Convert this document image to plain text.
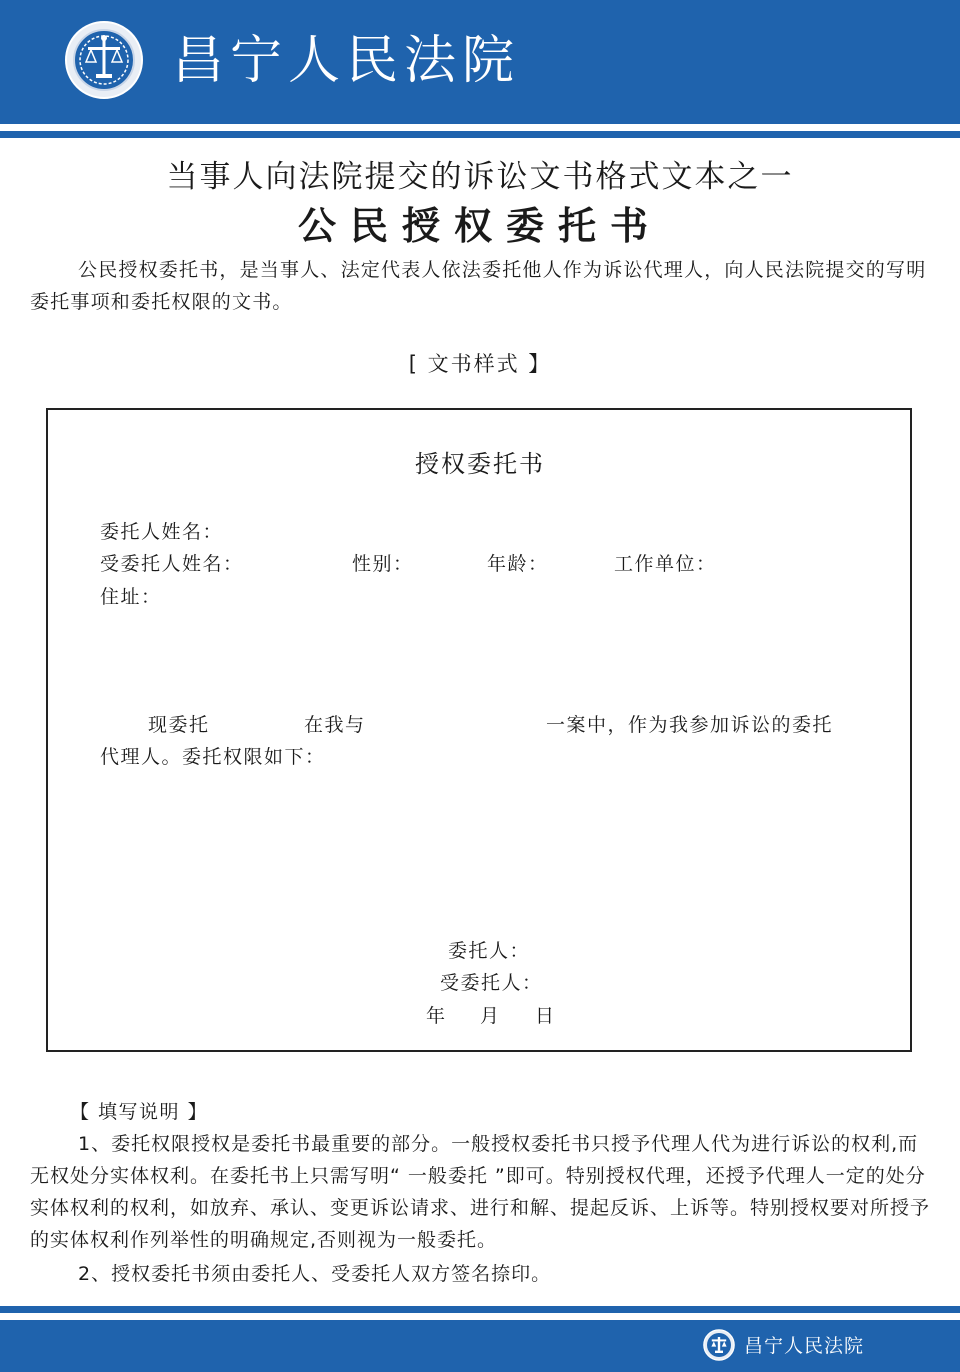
昌宁人民法院
当事人向法院提交的诉讼文书格式文本之一
公民授权委托书
公民授权委托书，是当事人、法定代表人依法委托他人作为诉讼代理人，向人民法院提交的写明委托事项和委托权限的文书。
[ 文书样式 】
授权委托书
委托人姓名：
受委托人姓名：	性别：	年龄：	工作单位：
住址：
现委托	在我与	一案中，作为我参加诉讼的委托
代理人。委托权限如下：
委托人：
受委托人：
年 月 日
【 填写说明 】
1、委托权限授权是委托书最重要的部分。一般授权委托书只授予代理人代为进行诉讼的权利,而无权处分实体权利。在委托书上只需写明“ 一般委托 ”即可。特别授权代理，还授予代理人一定的处分实体权利的权利，如放弃、承认、变更诉讼请求、进行和解、提起反诉、上诉等。特别授权要对所授予的实体权利作列举性的明确规定,否则视为一般委托。
2、授权委托书须由委托人、受委托人双方签名捺印。
昌宁人民法院
